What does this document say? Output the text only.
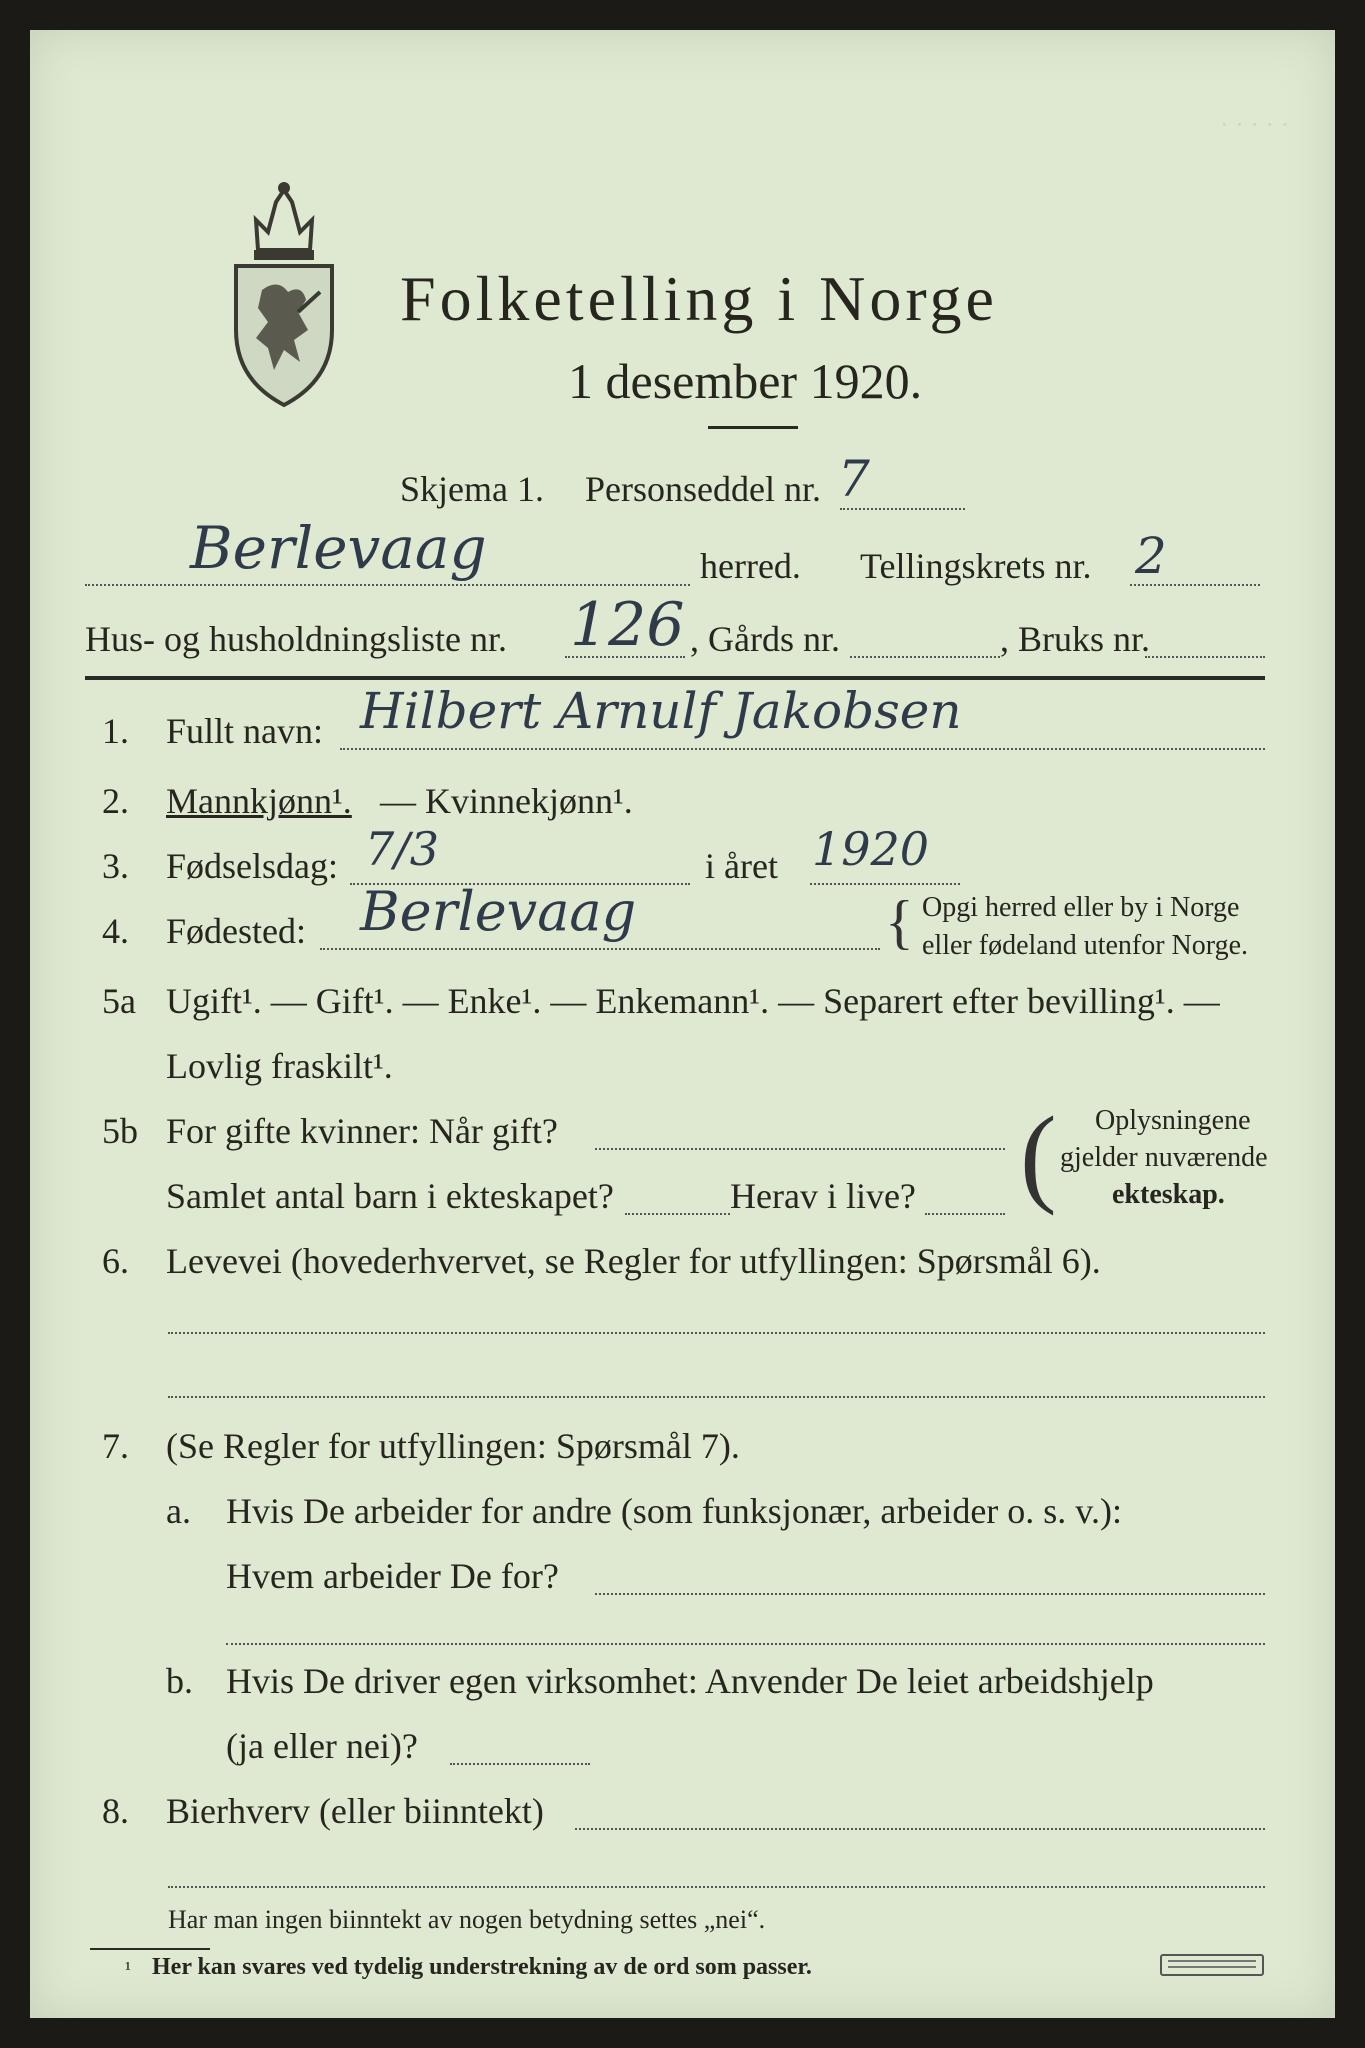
· · · · ·
Folketelling i Norge
1 desember 1920.
Skjema 1. Personseddel nr. 7
Berlevaag	herred. Tellingskrets nr. 2
Hus- og husholdningsliste nr. 126 , Gårds nr.	, Bruks nr.
1. Fullt navn: Hilbert Arnulf Jakobsen
2. Mannkjønn¹. — Kvinnekjønn¹.
3. Fødselsdag: 7/3	i året 1920
4. Fødested: Berlevaag	{ Opgi herred eller by i Norge
eller fødeland utenfor Norge.
5a Ugift¹. — Gift¹. — Enke¹. — Enkemann¹. — Separert efter bevilling¹. —
Lovlig fraskilt¹.
5b For gifte kvinner: Når gift?
Samlet antal barn i ekteskapet?	Herav i live? ( Oplysningene
gjelder nuværende
ekteskap.
6. Levevei (hovederhvervet, se Regler for utfyllingen: Spørsmål 6).
7. (Se Regler for utfyllingen: Spørsmål 7).
a. Hvis De arbeider for andre (som funksjonær, arbeider o. s. v.):
Hvem arbeider De for?
b. Hvis De driver egen virksomhet: Anvender De leiet arbeidshjelp
(ja eller nei)?
8. Bierhverv (eller biinntekt)
Har man ingen biinntekt av nogen betydning settes „nei“.
¹ Her kan svares ved tydelig understrekning av de ord som passer.
